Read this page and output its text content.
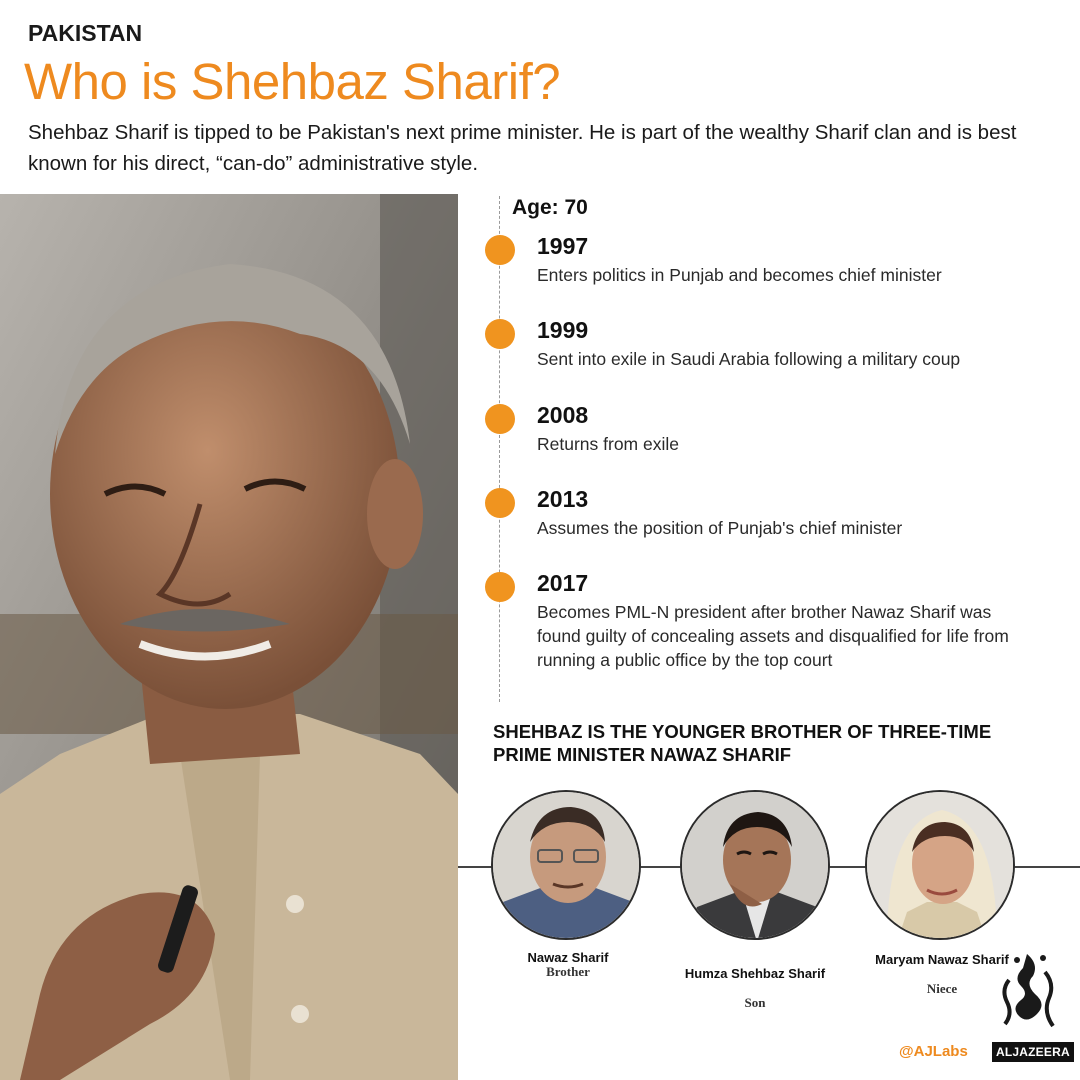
PAKISTAN
Who is Shehbaz Sharif?
Shehbaz Sharif is tipped to be Pakistan's next prime minister. He is part of the wealthy Sharif clan and is best known for his direct, “can-do” administrative style.
Age: 70
1997
Enters politics in Punjab and becomes chief minister
1999
Sent into exile in Saudi Arabia following a military coup
2008
Returns from exile
2013
Assumes the position of Punjab's chief minister
2017
Becomes PML-N president after brother Nawaz Sharif was found guilty of concealing assets and disqualified for life from running a public office by the top court
SHEHBAZ IS THE YOUNGER BROTHER OF THREE-TIME PRIME MINISTER NAWAZ SHARIF
Nawaz Sharif
Brother	Humza Shehbaz Sharif
Son
Maryam Nawaz Sharif
Niece
@AJLabs	ALJAZEERA
